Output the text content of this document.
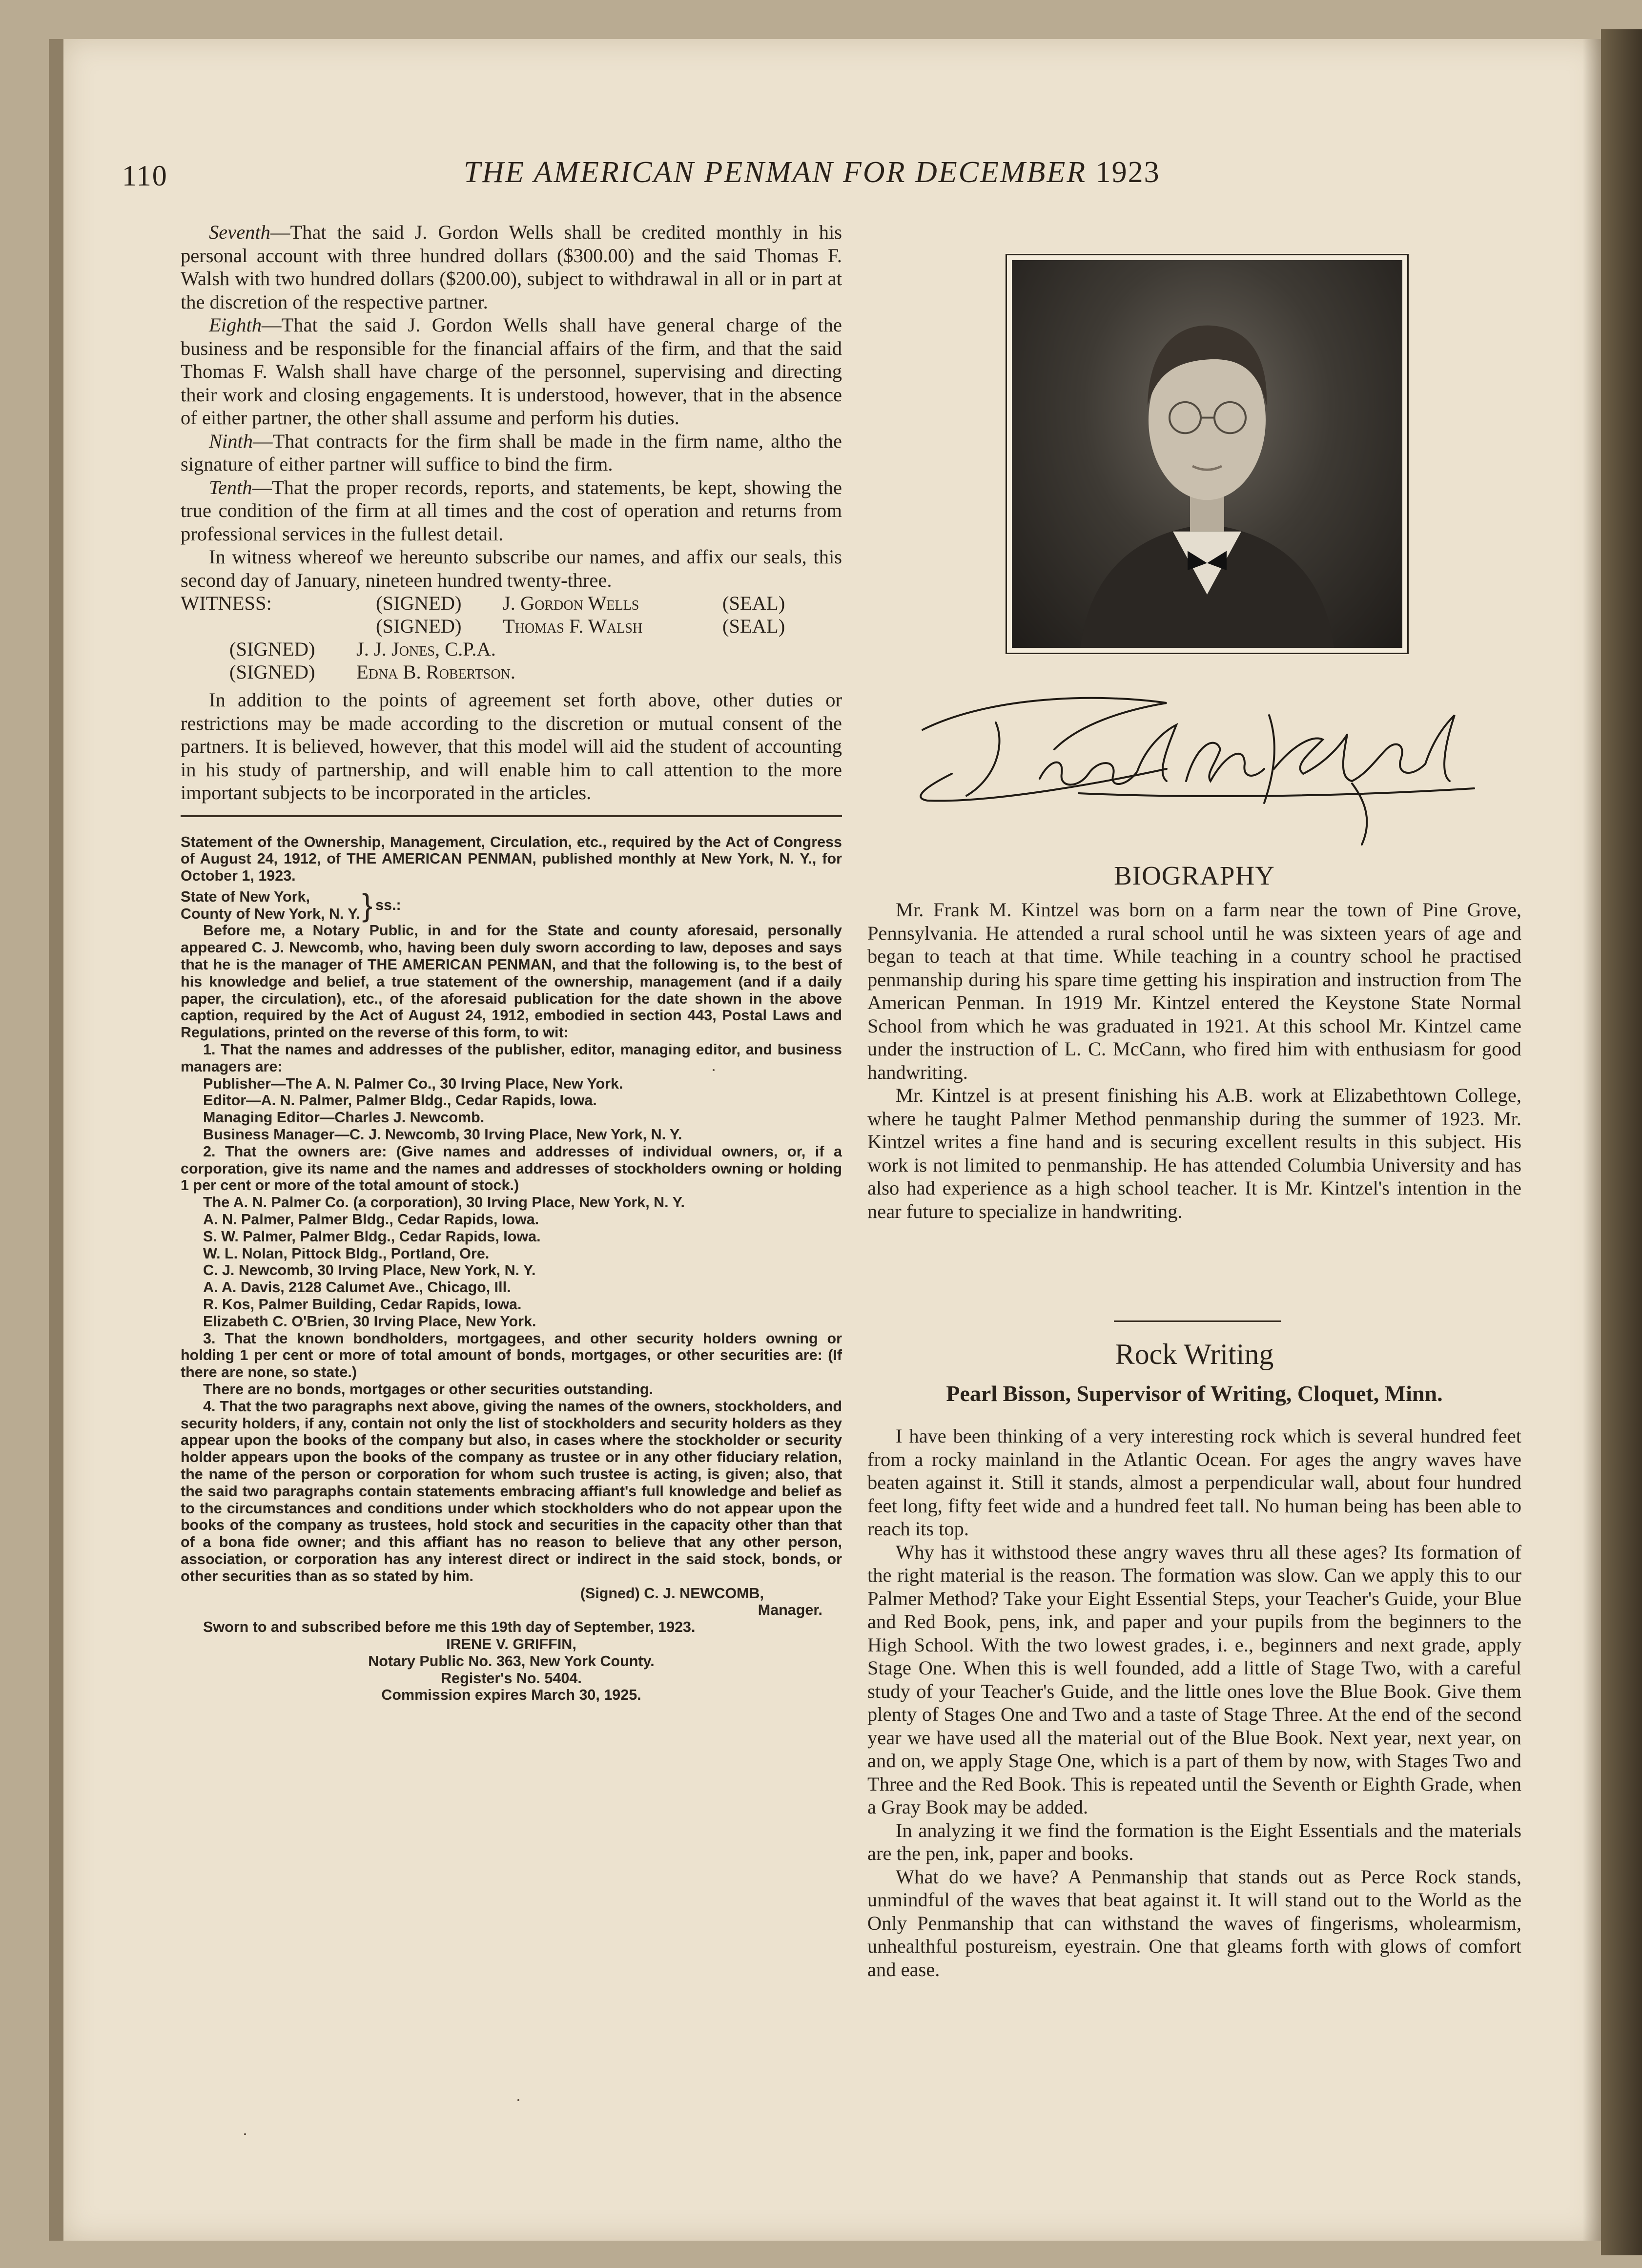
110	THE AMERICAN PENMAN FOR DECEMBER 1923

Seventh—That the said J. Gordon Wells shall be credited monthly in his personal account with three hundred dollars ($300.00) and the said Thomas F. Walsh with two hundred dollars ($200.00), subject to withdrawal in all or in part at the discretion of the respective partner.

Eighth—That the said J. Gordon Wells shall have general charge of the business and be responsible for the financial affairs of the firm, and that the said Thomas F. Walsh shall have charge of the personnel, supervising and directing their work and closing engagements. It is understood, however, that in the absence of either partner, the other shall assume and perform his duties.

Ninth—That contracts for the firm shall be made in the firm name, altho the signature of either partner will suffice to bind the firm.

Tenth—That the proper records, reports, and statements, be kept, showing the true condition of the firm at all times and the cost of operation and returns from professional services in the fullest detail.

In witness whereof we hereunto subscribe our names, and affix our seals, this second day of January, nineteen hundred twenty-three.

WITNESS:	(SIGNED)	J. Gordon Wells	(SEAL)
(SIGNED)	Thomas F. Walsh	(SEAL)
(SIGNED)	J. J. Jones, C.P.A.
(SIGNED)	Edna B. Robertson.

In addition to the points of agreement set forth above, other duties or restrictions may be made according to the discretion or mutual consent of the partners. It is believed, however, that this model will aid the student of accounting in his study of partnership, and will enable him to call attention to the more important subjects to be incorporated in the articles.

Statement of the Ownership, Management, Circulation, etc., required by the Act of Congress of August 24, 1912, of THE AMERICAN PENMAN, published monthly at New York, N. Y., for October 1, 1923.

State of New York,

County of New York, N. Y. } ss.:

Before me, a Notary Public, in and for the State and county aforesaid, personally appeared C. J. Newcomb, who, having been duly sworn according to law, deposes and says that he is the manager of THE AMERICAN PENMAN, and that the following is, to the best of his knowledge and belief, a true statement of the ownership, management (and if a daily paper, the circulation), etc., of the aforesaid publication for the date shown in the above caption, required by the Act of August 24, 1912, embodied in section 443, Postal Laws and Regulations, printed on the reverse of this form, to wit:

1. That the names and addresses of the publisher, editor, managing editor, and business managers are:

Publisher—The A. N. Palmer Co., 30 Irving Place, New York.

Editor—A. N. Palmer, Palmer Bldg., Cedar Rapids, Iowa.

Managing Editor—Charles J. Newcomb.

Business Manager—C. J. Newcomb, 30 Irving Place, New York, N. Y.

2. That the owners are: (Give names and addresses of individual owners, or, if a corporation, give its name and the names and addresses of stockholders owning or holding 1 per cent or more of the total amount of stock.)

The A. N. Palmer Co. (a corporation), 30 Irving Place, New York, N. Y.

A. N. Palmer, Palmer Bldg., Cedar Rapids, Iowa.

S. W. Palmer, Palmer Bldg., Cedar Rapids, Iowa.

W. L. Nolan, Pittock Bldg., Portland, Ore.

C. J. Newcomb, 30 Irving Place, New York, N. Y.

A. A. Davis, 2128 Calumet Ave., Chicago, Ill.

R. Kos, Palmer Building, Cedar Rapids, Iowa.

Elizabeth C. O'Brien, 30 Irving Place, New York.

3. That the known bondholders, mortgagees, and other security holders owning or holding 1 per cent or more of total amount of bonds, mortgages, or other securities are: (If there are none, so state.)

There are no bonds, mortgages or other securities outstanding.

4. That the two paragraphs next above, giving the names of the owners, stockholders, and security holders, if any, contain not only the list of stockholders and security holders as they appear upon the books of the company but also, in cases where the stockholder or security holder appears upon the books of the company as trustee or in any other fiduciary relation, the name of the person or corporation for whom such trustee is acting, is given; also, that the said two paragraphs contain statements embracing affiant's full knowledge and belief as to the circumstances and conditions under which stockholders who do not appear upon the books of the company as trustees, hold stock and securities in the capacity other than that of a bona fide owner; and this affiant has no reason to believe that any other person, association, or corporation has any interest direct or indirect in the said stock, bonds, or other securities than as so stated by him.

(Signed) C. J. NEWCOMB,

Manager.

Sworn to and subscribed before me this 19th day of September, 1923.

IRENE V. GRIFFIN,

Notary Public No. 363, New York County.

Register's No. 5404.

Commission expires March 30, 1925.

BIOGRAPHY

Mr. Frank M. Kintzel was born on a farm near the town of Pine Grove, Pennsylvania. He attended a rural school until he was sixteen years of age and began to teach at that time. While teaching in a country school he practised penmanship during his spare time getting his inspiration and instruction from The American Penman. In 1919 Mr. Kintzel entered the Keystone State Normal School from which he was graduated in 1921. At this school Mr. Kintzel came under the instruction of L. C. McCann, who fired him with enthusiasm for good handwriting.

Mr. Kintzel is at present finishing his A.B. work at Elizabethtown College, where he taught Palmer Method penmanship during the summer of 1923. Mr. Kintzel writes a fine hand and is securing excellent results in this subject. His work is not limited to penmanship. He has attended Columbia University and has also had experience as a high school teacher. It is Mr. Kintzel's intention in the near future to specialize in handwriting.

Rock Writing
Pearl Bisson, Supervisor of Writing, Cloquet, Minn.

I have been thinking of a very interesting rock which is several hundred feet from a rocky mainland in the Atlantic Ocean. For ages the angry waves have beaten against it. Still it stands, almost a perpendicular wall, about four hundred feet long, fifty feet wide and a hundred feet tall. No human being has been able to reach its top.

Why has it withstood these angry waves thru all these ages? Its formation of the right material is the reason. The formation was slow. Can we apply this to our Palmer Method? Take your Eight Essential Steps, your Teacher's Guide, your Blue and Red Book, pens, ink, and paper and your pupils from the beginners to the High School. With the two lowest grades, i. e., beginners and next grade, apply Stage One. When this is well founded, add a little of Stage Two, with a careful study of your Teacher's Guide, and the little ones love the Blue Book. Give them plenty of Stages One and Two and a taste of Stage Three. At the end of the second year we have used all the material out of the Blue Book. Next year, next year, on and on, we apply Stage One, which is a part of them by now, with Stages Two and Three and the Red Book. This is repeated until the Seventh or Eighth Grade, when a Gray Book may be added.

In analyzing it we find the formation is the Eight Essentials and the materials are the pen, ink, paper and books.

What do we have? A Penmanship that stands out as Perce Rock stands, unmindful of the waves that beat against it. It will stand out to the World as the Only Penmanship that can withstand the waves of fingerisms, wholearmism, unhealthful postureism, eyestrain. One that gleams forth with glows of comfort and ease.
